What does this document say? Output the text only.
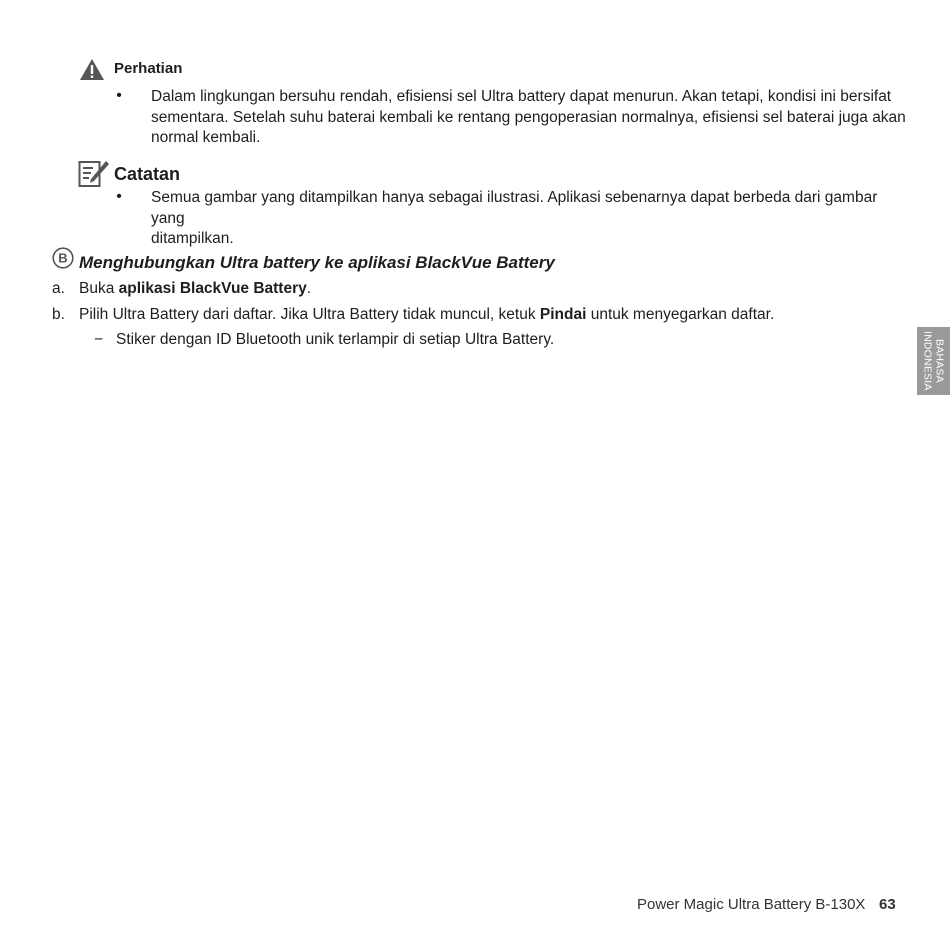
Perhatian
• Dalam lingkungan bersuhu rendah, efisiensi sel Ultra battery dapat menurun. Akan tetapi, kondisi ini bersifat
sementara. Setelah suhu baterai kembali ke rentang pengoperasian normalnya, efisiensi sel baterai juga akan
normal kembali.
Catatan
• Semua gambar yang ditampilkan hanya sebagai ilustrasi. Aplikasi sebenarnya dapat berbeda dari gambar yang
ditampilkan.
B Menghubungkan Ultra battery ke aplikasi BlackVue Battery
a. Buka aplikasi BlackVue Battery.
b. Pilih Ultra Battery dari daftar. Jika Ultra Battery tidak muncul, ketuk Pindai untuk menyegarkan daftar.
− Stiker dengan ID Bluetooth unik terlampir di setiap Ultra Battery.	BAHASA
INDONESIA
Power Magic Ultra Battery B-130X 63
